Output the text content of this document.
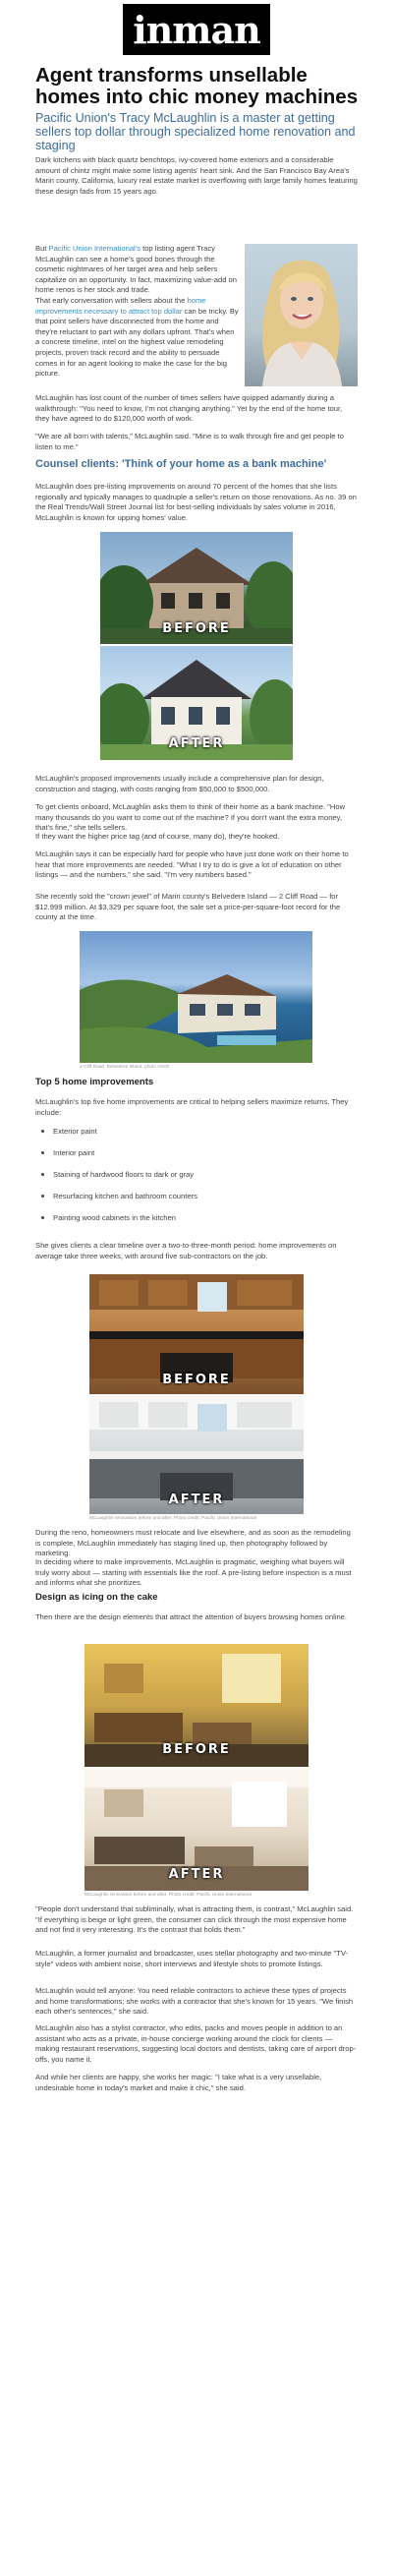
inman
Agent transforms unsellable homes into chic money machines
Pacific Union's Tracy McLaughlin is a master at getting sellers top dollar through specialized home renovation and staging

Dark kitchens with black quartz benchtops, ivy-covered home exteriors and a considerable amount of chintz might make some listing agents' heart sink. And the San Francisco Bay Area's Marin county, California, luxury real estate market is overflowing with large family homes featuring these design fads from 15 years ago.

But Pacific Union International's top listing agent Tracy McLaughlin can see a home's good bones through the cosmetic nightmares of her target area and help sellers capitalize on an opportunity. In fact, maximizing value-add on home renos is her stock and trade.

That early conversation with sellers about the home improvements necessary to attract top dollar can be tricky. By that point sellers have disconnected from the home and they're reluctant to part with any dollars upfront. That's when a concrete timeline, intel on the highest value remodeling projects, proven track record and the ability to persuade comes in for an agent looking to make the case for the big picture.

McLaughlin has lost count of the number of times sellers have quipped adamantly during a walkthrough: "You need to know, I'm not changing anything." Yet by the end of the home tour, they have agreed to do $120,000 worth of work.

"We are all born with talents," McLaughlin said. "Mine is to walk through fire and get people to listen to me."

Counsel clients: 'Think of your home as a bank machine'

McLaughlin does pre-listing improvements on around 70 percent of the homes that she lists regionally and typically manages to quadruple a seller's return on those renovations. As no. 39 on the Real Trends/Wall Street Journal list for best-selling individuals by sales volume in 2016, McLaughlin is known for upping homes' value.

BEFORE
AFTER

McLaughlin's proposed improvements usually include a comprehensive plan for design, construction and staging, with costs ranging from $50,000 to $500,000.

To get clients onboard, McLaughlin asks them to think of their home as a bank machine. "How many thousands do you want to come out of the machine? If you don't want the extra money, that's fine," she tells sellers.

If they want the higher price tag (and of course, many do), they're hooked.

McLaughlin says it can be especially hard for people who have just done work on their home to hear that more improvements are needed. "What I try to do is give a lot of education on other listings — and the numbers," she said. "I'm very numbers based."

She recently sold the "crown jewel" of Marin county's Belvedere Island — 2 Cliff Road — for $12.999 million. At $3,329 per square foot, the sale set a price-per-square-foot record for the county at the time.

2 Cliff Road, Belvedere Island, photo credit
Top 5 home improvements

McLaughlin's top five home improvements are critical to helping sellers maximize returns. They include:

Exterior paint
Interior paint
Staining of hardwood floors to dark or gray
Resurfacing kitchen and bathroom counters
Painting wood cabinets in the kitchen

She gives clients a clear timeline over a two-to-three-month period: home improvements on average take three weeks, with around five sub-contractors on the job.

BEFORE
AFTER
McLaughlin renovation before and after. Photo credit: Pacific Union International

During the reno, homeowners must relocate and live elsewhere, and as soon as the remodeling is complete, McLaughlin immediately has staging lined up, then photography followed by marketing.

In deciding where to make improvements, McLaughlin is pragmatic, weighing what buyers will truly worry about — starting with essentials like the roof. A pre-listing before inspection is a must and informs what she prioritizes.

Design as icing on the cake

Then there are the design elements that attract the attention of buyers browsing homes online.

BEFORE
AFTER
McLaughlin renovation before and after. Photo credit: Pacific Union International

"People don't understand that subliminally, what is attracting them, is contrast," McLaughlin said. "If everything is beige or light green, the consumer can click through the most expensive home and not find it very interesting. It's the contrast that holds them."

McLaughlin, a former journalist and broadcaster, uses stellar photography and two-minute "TV-style" videos with ambient noise, short interviews and lifestyle shots to promote listings.

McLaughlin would tell anyone: You need reliable contractors to achieve these types of projects and home transformations; she works with a contractor that she's known for 15 years. "We finish each other's sentences," she said.

McLaughlin also has a stylist contractor, who edits, packs and moves people in addition to an assistant who acts as a private, in-house concierge working around the clock for clients — making restaurant reservations, suggesting local doctors and dentists, taking care of airport drop-offs, you name it.

And while her clients are happy, she works her magic: "I take what is a very unsellable, undesirable home in today's market and make it chic," she said.
